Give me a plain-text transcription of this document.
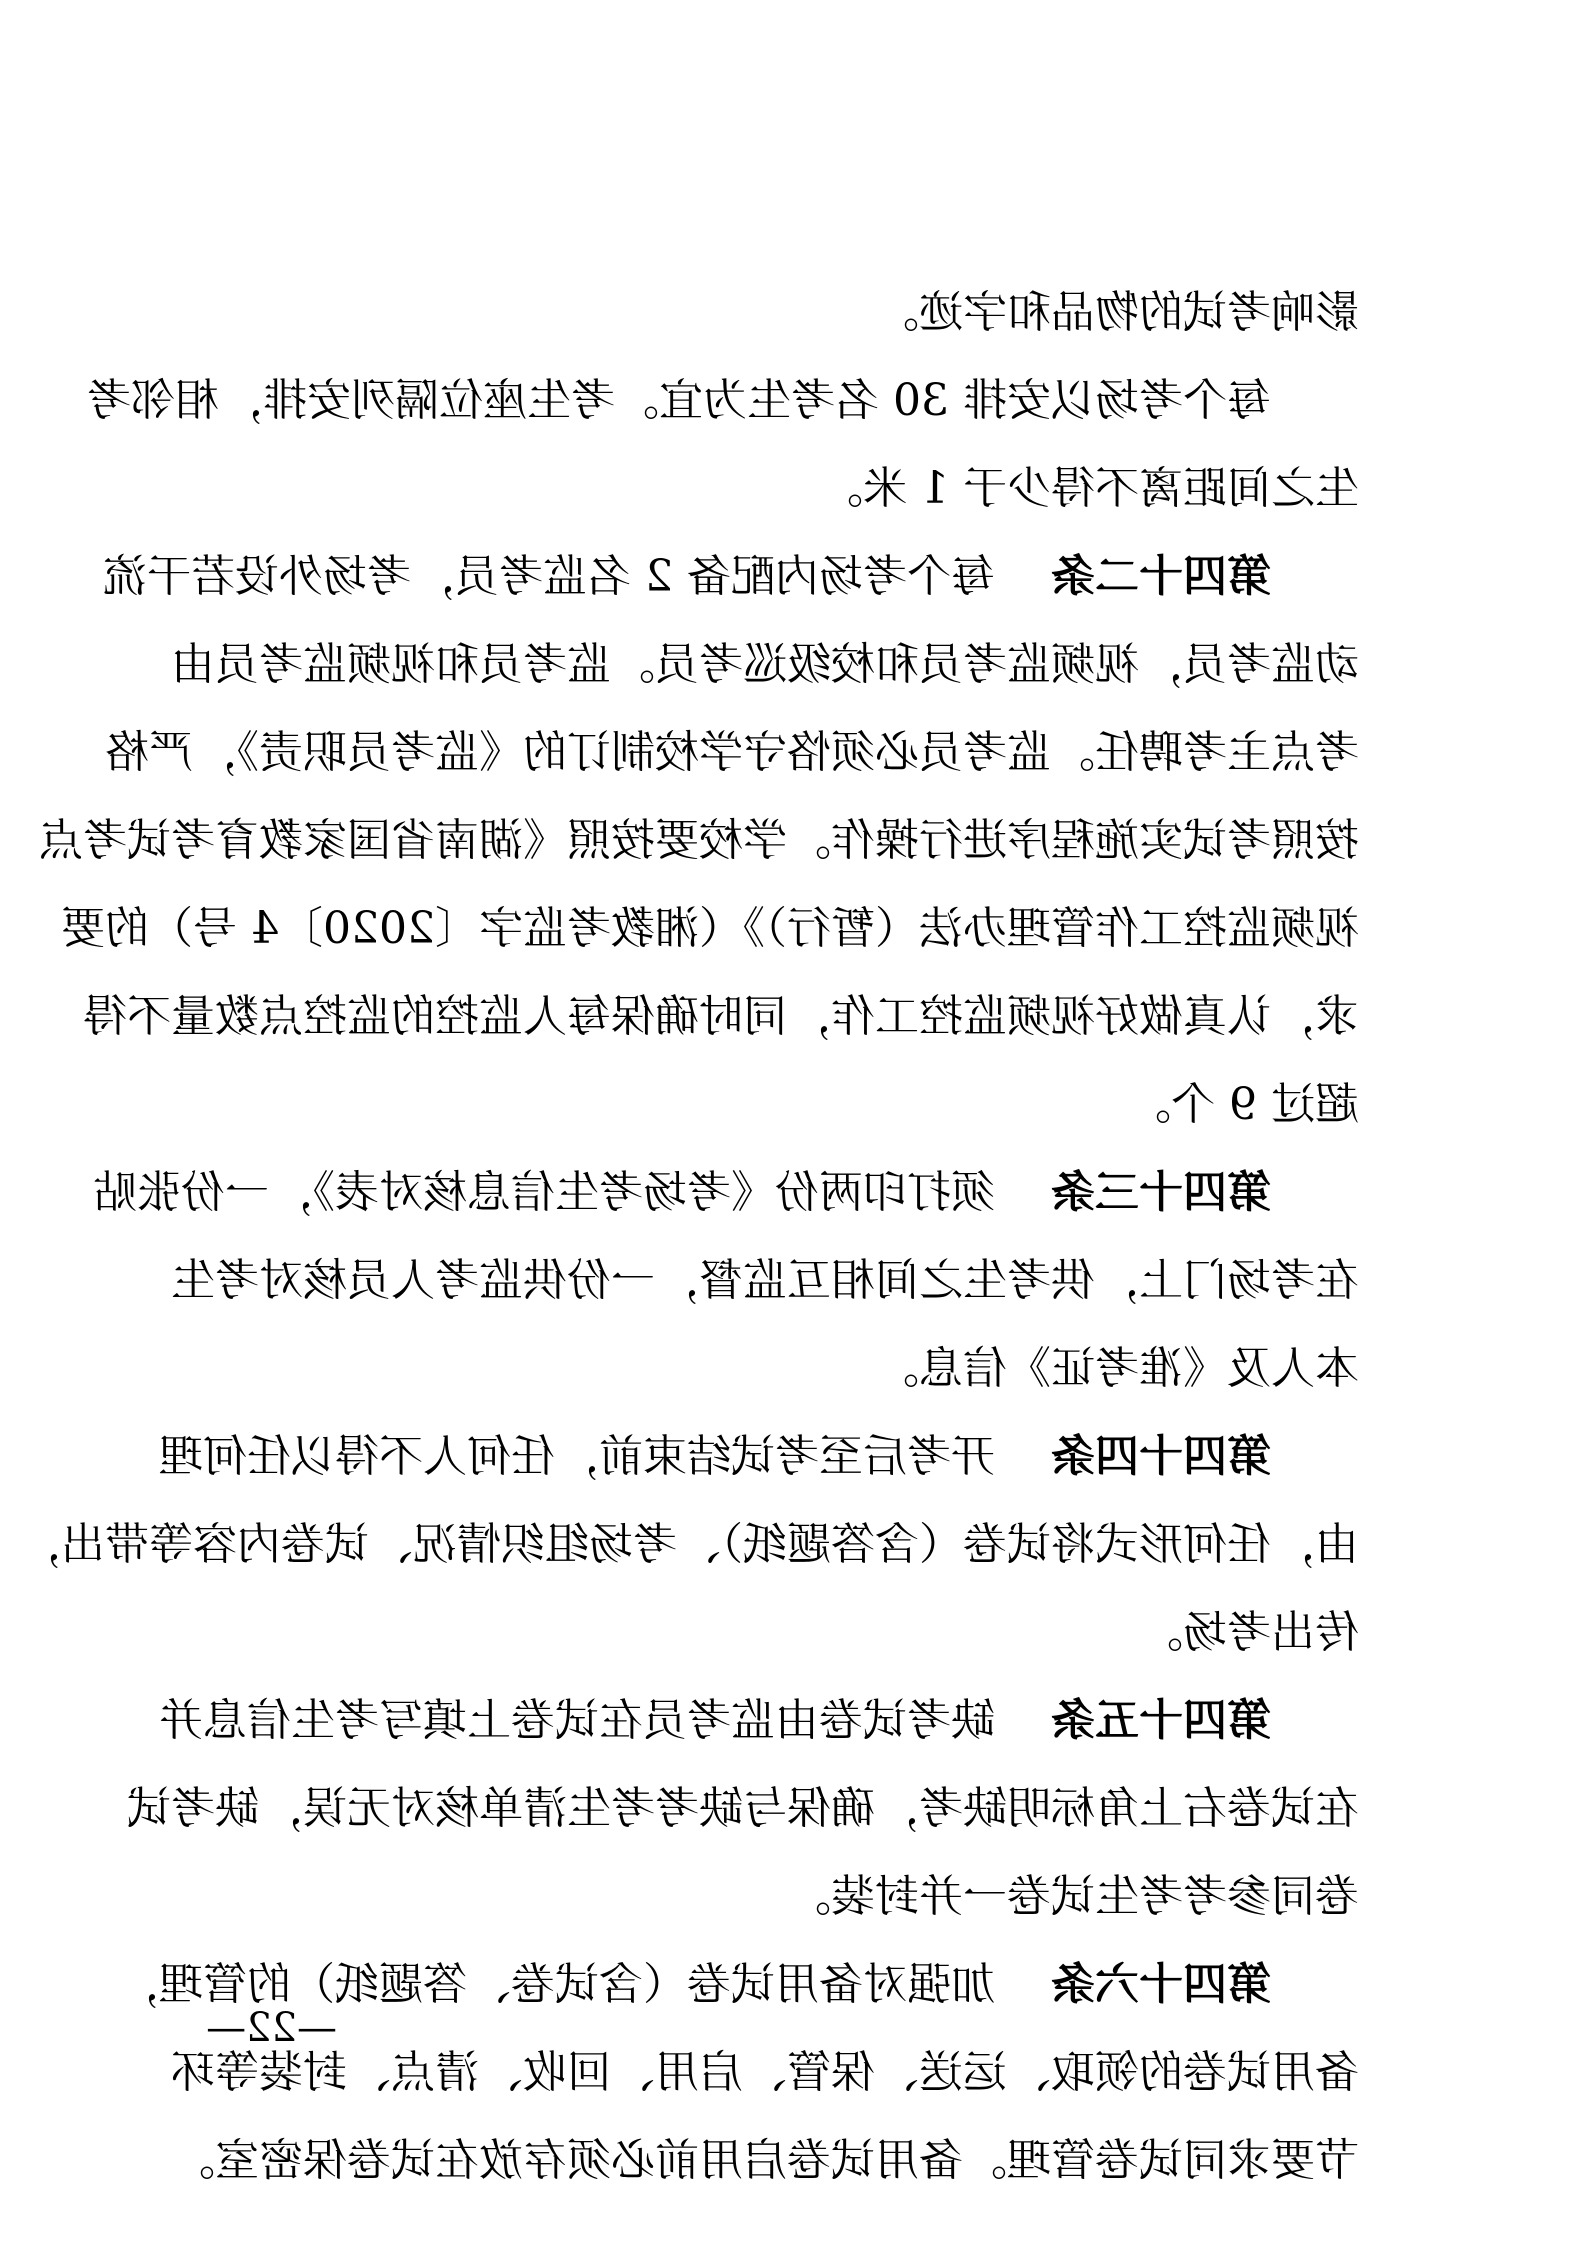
影响考试的物品和字迹。
每个考场以安排 30 名考生为宜。考生座位隔列安排，相邻考
生之间距离不得少于 1 米。
第四十二条每个考场内配备 2 名监考员，考场外设若干流
动监考员，视频监考员和校级巡考员。监考员和视频监考员由
考点主考聘任。监考员必须恪守学校制订的《监考员职责》，严格
按照考试实施程序进行操作。学校要按照《湖南省国家教育考试考点
视频监控工作管理办法（暂行）》（湘教考监字〔2020〕4 号）的要
求，认真做好视频监控工作，同时确保每人监控的监控点数量不得
超过 9 个。
第四十三条须打印两份《考场考生信息核对表》，一份张贴
在考场门上，供考生之间相互监督，一份供监考人员核对考生
本人及《准考证》信息。
第四十四条开考后至考试结束前，任何人不得以任何理
由，任何形式将试卷（含答题纸）、考场组织情况、试卷内容等带出，
传出考场。
第四十五条缺考试卷由监考员在试卷上填写考生信息并
在试卷右上角标明缺考，确保与缺考考生清单核对无误，缺考试
卷同参考考生试卷一并封装。
第四十六条加强对备用试卷（含试卷、答题纸）的管理，
备用试卷的领取、运送、保管、启用、回收、清点、封装等环
节要求同试卷管理。备用试卷启用前必须存放在试卷保密室。
—22—
